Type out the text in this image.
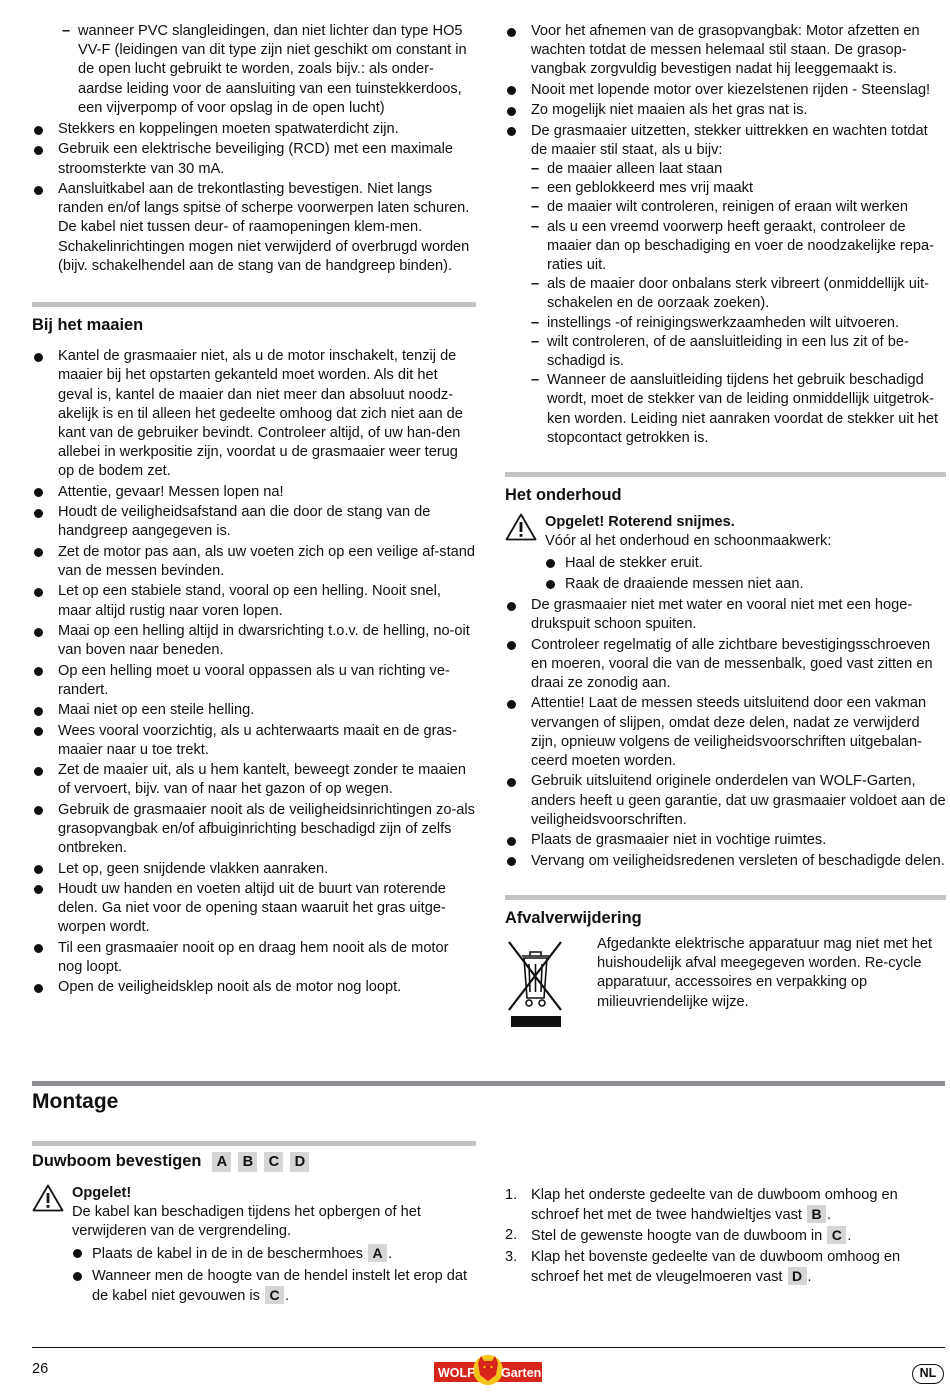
– wanneer PVC slangleidingen, dan niet lichter dan type HO5 VV-F (leidingen van dit type zijn niet geschikt om constant in de open lucht gebruikt te worden, zoals bijv.: als onder-aardse leiding voor de aansluiting van een tuinstekkerdoos, een vijverpomp of voor opslag in de open lucht)
Stekkers en koppelingen moeten spatwaterdicht zijn.
Gebruik een elektrische beveiliging (RCD) met een maximale stroomsterkte van 30 mA.
Aansluitkabel aan de trekontlasting bevestigen. Niet langs randen en/of langs spitse of scherpe voorwerpen laten schuren. De kabel niet tussen deur- of raamopeningen klem-men. Schakelinrichtingen mogen niet verwijderd of overbrugd worden (bijv. schakelhendel aan de stang van de handgreep binden).
Bij het maaien
Kantel de grasmaaier niet, als u de motor inschakelt, tenzij de maaier bij het opstarten gekanteld moet worden. Als dit het geval is, kantel de maaier dan niet meer dan absoluut noodz-akelijk is en til alleen het gedeelte omhoog dat zich niet aan de kant van de gebruiker bevindt. Controleer altijd, of uw han-den allebei in werkpositie zijn, voordat u de grasmaaier weer terug op de bodem zet.
Attentie, gevaar! Messen lopen na!
Houdt de veiligheidsafstand aan die door de stang van de handgreep aangegeven is.
Zet de motor pas aan, als uw voeten zich op een veilige af-stand van de messen bevinden.
Let op een stabiele stand, vooral op een helling. Nooit snel, maar altijd rustig naar voren lopen.
Maai op een helling altijd in dwarsrichting t.o.v. de helling, no-oit van boven naar beneden.
Op een helling moet u vooral oppassen als u van richting ve-randert.
Maai niet op een steile helling.
Wees vooral voorzichtig, als u achterwaarts maait en de gras-maaier naar u toe trekt.
Zet de maaier uit, als u hem kantelt, beweegt zonder te maaien of vervoert, bijv. van of naar het gazon of op wegen.
Gebruik de grasmaaier nooit als de veiligheidsinrichtingen zo-als grasopvangbak en/of afbuiginrichting beschadigd zijn of zelfs ontbreken.
Let op, geen snijdende vlakken aanraken.
Houdt uw handen en voeten altijd uit de buurt van roterende delen. Ga niet voor de opening staan waaruit het gras uitge-worpen wordt.
Til een grasmaaier nooit op en draag hem nooit als de motor nog loopt.
Open de veiligheidsklep nooit als de motor nog loopt.
Voor het afnemen van de grasopvangbak: Motor afzetten en wachten totdat de messen helemaal stil staan. De grasop-vangbak zorgvuldig bevestigen nadat hij leeggemaakt is.
Nooit met lopende motor over kiezelstenen rijden - Steenslag!
Zo mogelijk niet maaien als het gras nat is.
De grasmaaier uitzetten, stekker uittrekken en wachten totdat de maaier stil staat, als u bijv:
– de maaier alleen laat staan
– een geblokkeerd mes vrij maakt
– de maaier wilt controleren, reinigen of eraan wilt werken
– als u een vreemd voorwerp heeft geraakt, controleer de maaier dan op beschadiging en voer de noodzakelijke repa-raties uit.
– als de maaier door onbalans sterk vibreert (onmiddellijk uit-schakelen en de oorzaak zoeken).
– instellings -of reinigingswerkzaamheden wilt uitvoeren.
– wilt controleren, of de aansluitleiding in een lus zit of be-schadigd is.
– Wanneer de aansluitleiding tijdens het gebruik beschadigd wordt, moet de stekker van de leiding onmiddellijk uitgetrok-ken worden. Leiding niet aanraken voordat de stekker uit het stopcontact getrokken is.
Het onderhoud
Opgelet! Roterend snijmes.
Vóór al het onderhoud en schoonmaakwerk:
Haal de stekker eruit.
Raak de draaiende messen niet aan.
De grasmaaier niet met water en vooral niet met een hoge-drukspuit schoon spuiten.
Controleer regelmatig of alle zichtbare bevestigingsschroeven en moeren, vooral die van de messenbalk, goed vast zitten en draai ze zonodig aan.
Attentie! Laat de messen steeds uitsluitend door een vakman vervangen of slijpen, omdat deze delen, nadat ze verwijderd zijn, opnieuw volgens de veiligheidsvoorschriften uitgebalan-ceerd moeten worden.
Gebruik uitsluitend originele onderdelen van WOLF-Garten, anders heeft u geen garantie, dat uw grasmaaier voldoet aan de veiligheidsvoorschriften.
Plaats de grasmaaier niet in vochtige ruimtes.
Vervang om veiligheidsredenen versleten of beschadigde delen.
Afvalverwijdering
Afgedankte elektrische apparatuur mag niet met het huishoudelijk afval meegegeven worden. Re-cycle apparatuur, accessoires en verpakking op milieuvriendelijke wijze.
Montage
Duwboom bevestigen A B C D
Opgelet!
De kabel kan beschadigen tijdens het opbergen of het verwijderen van de vergrendeling.
Plaats de kabel in de in de beschermhoes A .
Wanneer men de hoogte van de hendel instelt let erop dat de kabel niet gevouwen is C .
1. Klap het onderste gedeelte van de duwboom omhoog en schroef het met de twee handwieltjes vast B .
2. Stel de gewenste hoogte van de duwboom in C .
3. Klap het bovenste gedeelte van de duwboom omhoog en schroef het met de vleugelmoeren vast D .
26	WOLF Garten	NL
